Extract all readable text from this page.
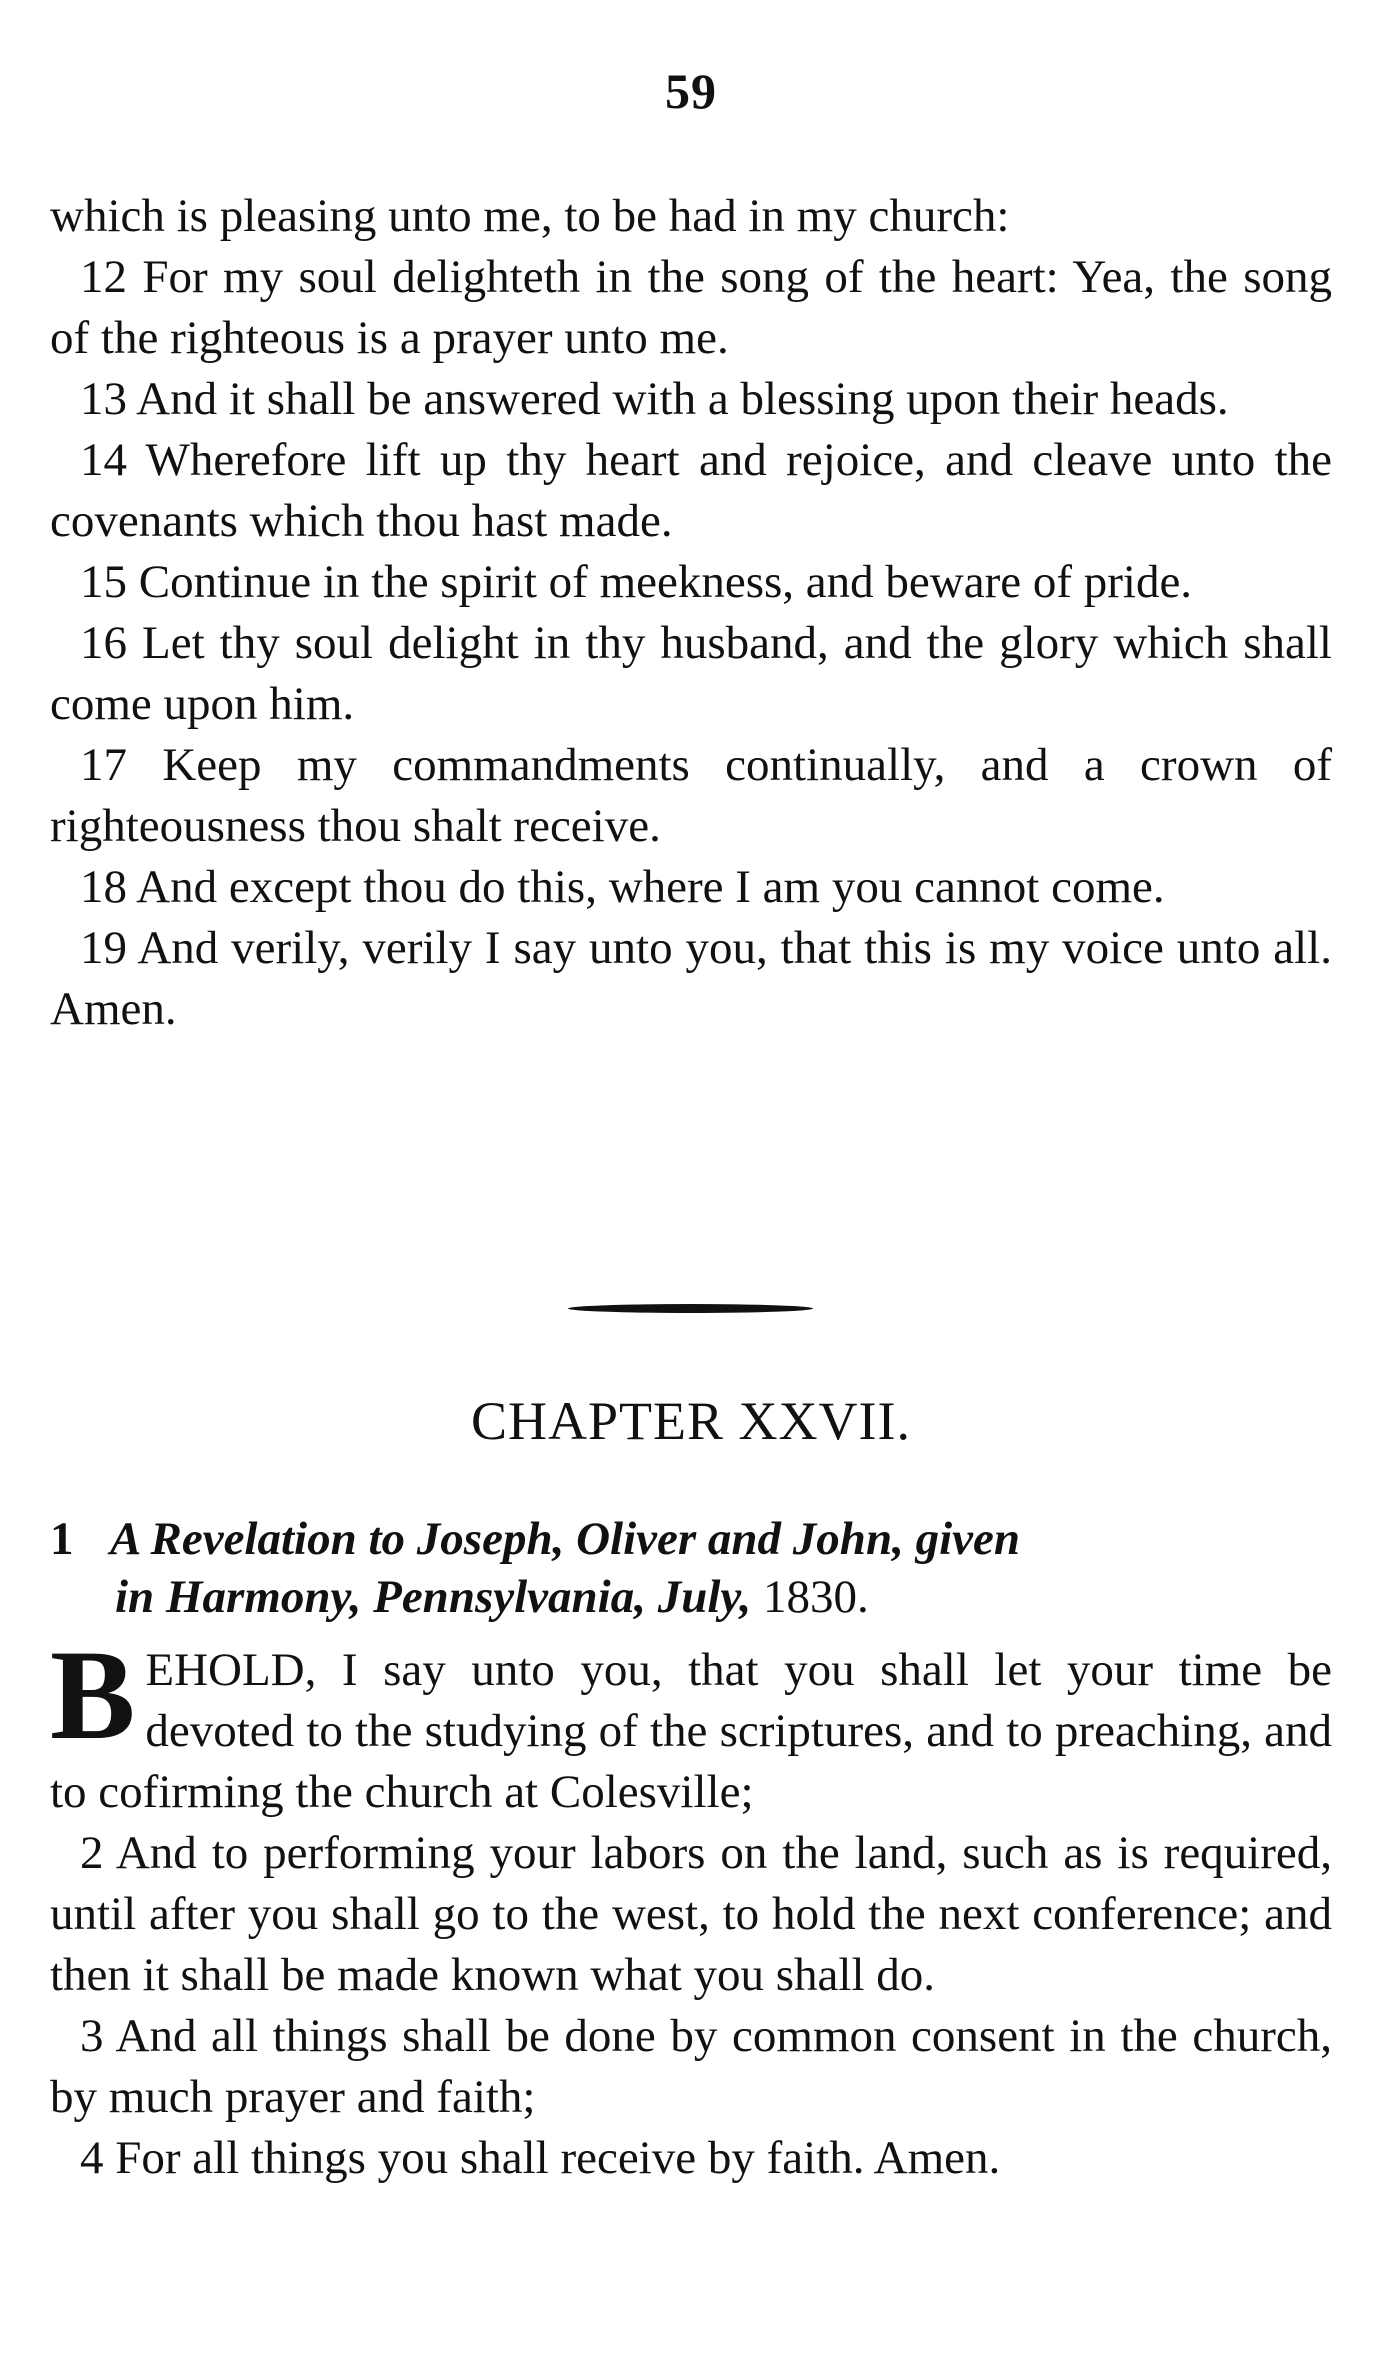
59

which is pleasing unto me, to be had in my church:

12 For my soul delighteth in the song of the heart: Yea, the song of the righteous is a prayer unto me.

13 And it shall be answered with a blessing upon their heads.

14 Wherefore lift up thy heart and rejoice, and cleave unto the covenants which thou hast made.

15 Continue in the spirit of meekness, and beware of pride.

16 Let thy soul delight in thy husband, and the glory which shall come upon him.

17 Keep my commandments continually, and a crown of righteousness thou shalt receive.

18 And except thou do this, where I am you cannot come.

19 And verily, verily I say unto you, that this is my voice unto all. Amen.

CHAPTER XXVII.
1 A Revelation to Joseph, Oliver and John, given
in Harmony, Pennsylvania, July, 1830.

BEHOLD, I say unto you, that you shall let your time be devoted to the studying of the scriptures, and to preaching, and to cofirming the church at Colesville;

2 And to performing your labors on the land, such as is required, until after you shall go to the west, to hold the next conference; and then it shall be made known what you shall do.

3 And all things shall be done by common consent in the church, by much prayer and faith;

4 For all things you shall receive by faith. Amen.
